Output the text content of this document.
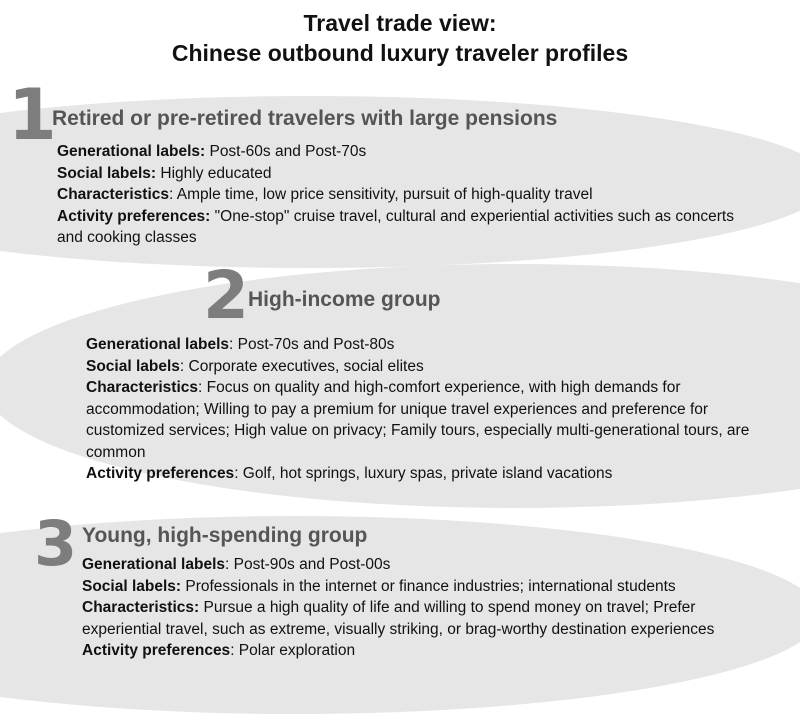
Travel trade view:
Chinese outbound luxury traveler profiles
1
Retired or pre-retired travelers with large pensions

Generational labels: Post-60s and Post-70s

Social labels: Highly educated

Characteristics: Ample time, low price sensitivity, pursuit of high-quality travel

Activity preferences: "One-stop" cruise travel, cultural and experiential activities such as concerts and cooking classes

2 High-income group

Generational labels: Post-70s and Post-80s

Social labels: Corporate executives, social elites

Characteristics: Focus on quality and high-comfort experience, with high demands for accommodation; Willing to pay a premium for unique travel experiences and preference for customized services; High value on privacy; Family tours, especially multi-generational tours, are common

Activity preferences: Golf, hot springs, luxury spas, private island vacations

3 Young, high-spending group

Generational labels: Post-90s and Post-00s

Social labels: Professionals in the internet or finance industries; international students

Characteristics: Pursue a high quality of life and willing to spend money on travel; Prefer experiential travel, such as extreme, visually striking, or brag-worthy destination experiences

Activity preferences: Polar exploration
